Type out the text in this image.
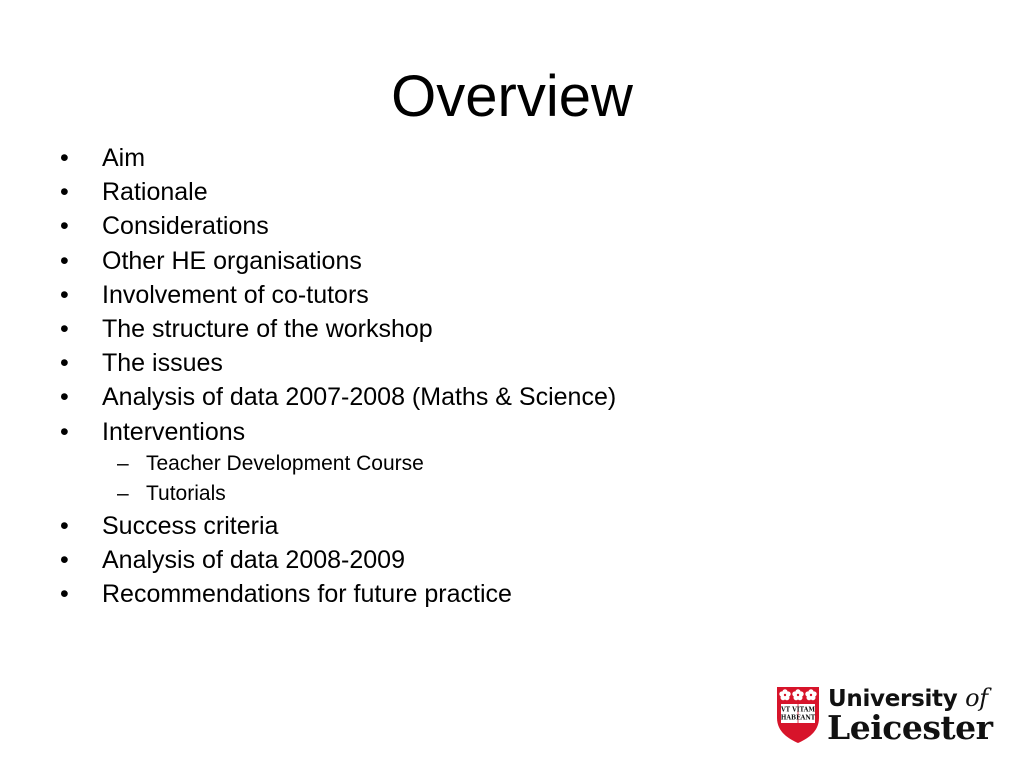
Overview
• Aim
• Rationale
• Considerations
• Other HE organisations
• Involvement of co-tutors
• The structure of the workshop
• The issues
• Analysis of data 2007-2008 (Maths & Science)
• Interventions
– Teacher Development Course
– Tutorials
• Success criteria
• Analysis of data 2008-2009
• Recommendations for future practice
VT VITAM
HABEANT
University of
Leicester
